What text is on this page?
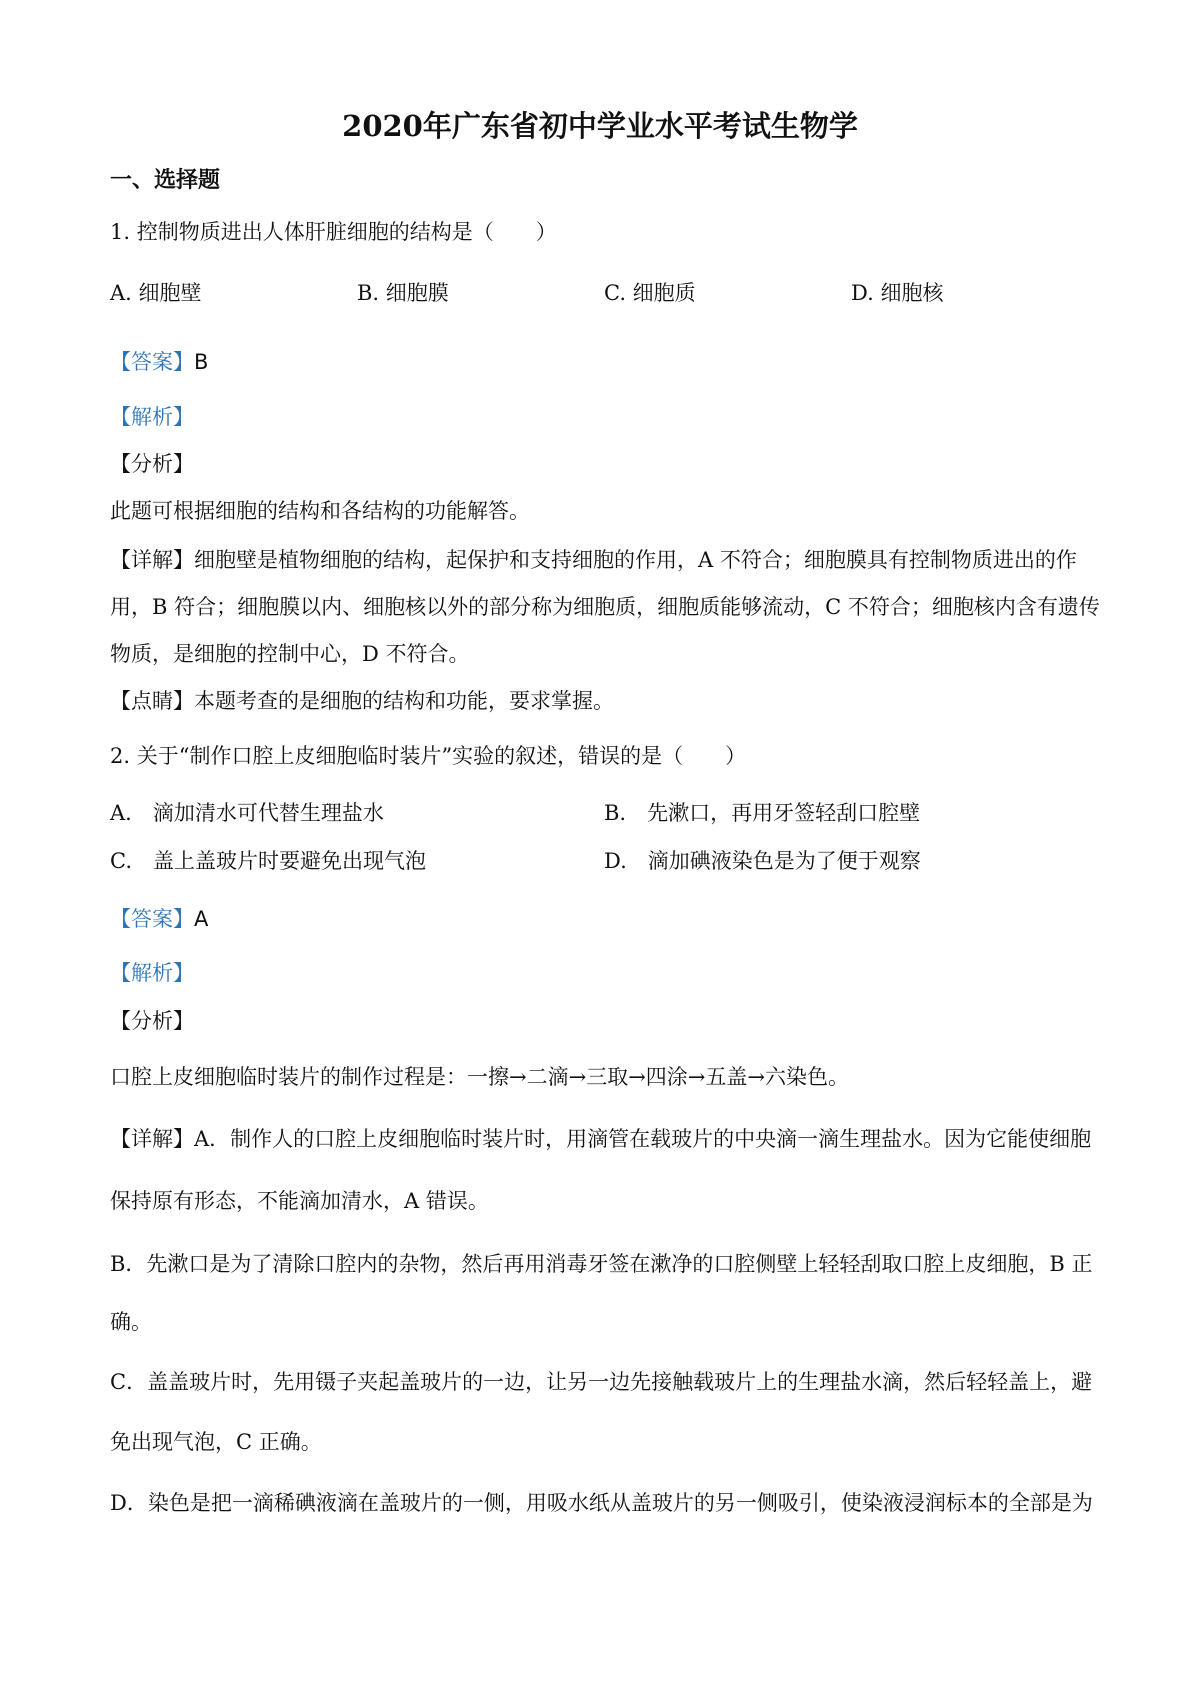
2020年广东省初中学业水平考试生物学
一、选择题
1. 控制物质进出人体肝脏细胞的结构是（　　）
A. 细胞壁	B. 细胞膜	C. 细胞质	D. 细胞核
【答案】B
【解析】
【分析】
此题可根据细胞的结构和各结构的功能解答。
【详解】细胞壁是植物细胞的结构，起保护和支持细胞的作用，A 不符合；细胞膜具有控制物质进出的作
用，B 符合；细胞膜以内、细胞核以外的部分称为细胞质，细胞质能够流动，C 不符合；细胞核内含有遗传
物质，是细胞的控制中心，D 不符合。
【点睛】本题考查的是细胞的结构和功能，要求掌握。
2. 关于“制作口腔上皮细胞临时装片”实验的叙述，错误的是（　　）
A.　滴加清水可代替生理盐水	B.　先漱口，再用牙签轻刮口腔壁
C.　盖上盖玻片时要避免出现气泡	D.　滴加碘液染色是为了便于观察
【答案】A
【解析】
【分析】
口腔上皮细胞临时装片的制作过程是：一擦→二滴→三取→四涂→五盖→六染色。
【详解】A．制作人的口腔上皮细胞临时装片时，用滴管在载玻片的中央滴一滴生理盐水。因为它能使细胞
保持原有形态，不能滴加清水，A 错误。
B．先漱口是为了清除口腔内的杂物，然后再用消毒牙签在漱净的口腔侧壁上轻轻刮取口腔上皮细胞，B 正
确。
C．盖盖玻片时，先用镊子夹起盖玻片的一边，让另一边先接触载玻片上的生理盐水滴，然后轻轻盖上，避
免出现气泡，C 正确。
D．染色是把一滴稀碘液滴在盖玻片的一侧，用吸水纸从盖玻片的另一侧吸引，使染液浸润标本的全部是为
